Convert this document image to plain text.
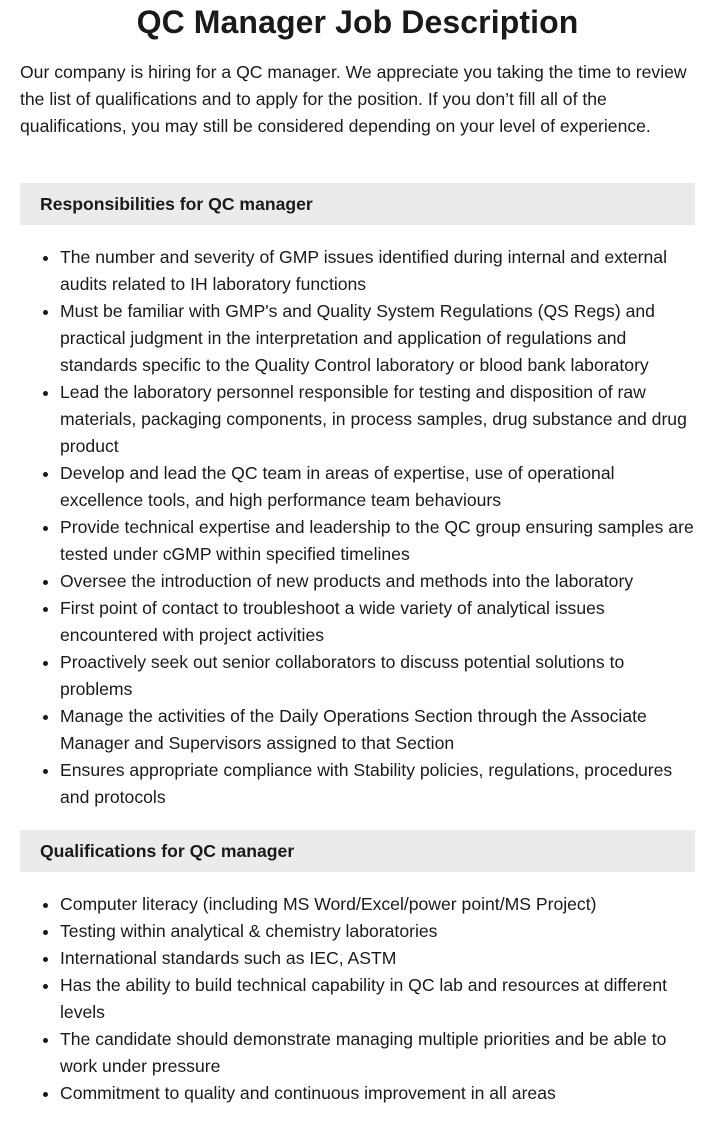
QC Manager Job Description

Our company is hiring for a QC manager. We appreciate you taking the time to review the list of qualifications and to apply for the position. If you don’t fill all of the qualifications, you may still be considered depending on your level of experience.

Responsibilities for QC manager
• The number and severity of GMP issues identified during internal and external audits related to IH laboratory functions
• Must be familiar with GMP's and Quality System Regulations (QS Regs) and practical judgment in the interpretation and application of regulations and standards specific to the Quality Control laboratory or blood bank laboratory
• Lead the laboratory personnel responsible for testing and disposition of raw materials, packaging components, in process samples, drug substance and drug product
• Develop and lead the QC team in areas of expertise, use of operational excellence tools, and high performance team behaviours
• Provide technical expertise and leadership to the QC group ensuring samples are tested under cGMP within specified timelines
• Oversee the introduction of new products and methods into the laboratory
• First point of contact to troubleshoot a wide variety of analytical issues encountered with project activities
• Proactively seek out senior collaborators to discuss potential solutions to problems
• Manage the activities of the Daily Operations Section through the Associate Manager and Supervisors assigned to that Section
• Ensures appropriate compliance with Stability policies, regulations, procedures and protocols
Qualifications for QC manager
• Computer literacy (including MS Word/Excel/power point/MS Project)
• Testing within analytical & chemistry laboratories
• International standards such as IEC, ASTM
• Has the ability to build technical capability in QC lab and resources at different levels
• The candidate should demonstrate managing multiple priorities and be able to work under pressure
• Commitment to quality and continuous improvement in all areas
